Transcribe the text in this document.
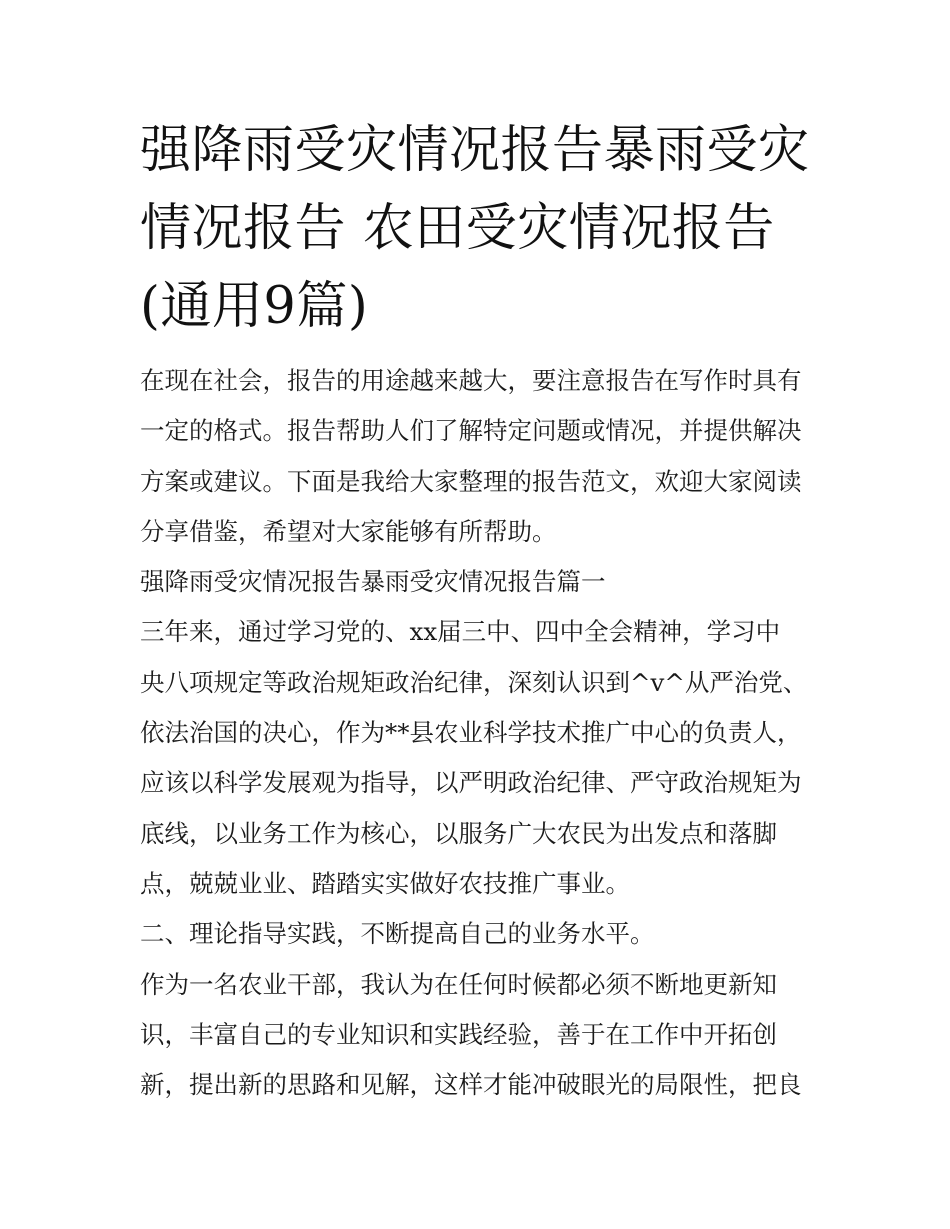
强降雨受灾情况报告暴雨受灾
情况报告 农田受灾情况报告
(通用9篇)
在现在社会，报告的用途越来越大，要注意报告在写作时具有
一定的格式。报告帮助人们了解特定问题或情况，并提供解决
方案或建议。下面是我给大家整理的报告范文，欢迎大家阅读
分享借鉴，希望对大家能够有所帮助。
强降雨受灾情况报告暴雨受灾情况报告篇一
三年来，通过学习党的、xx届三中、四中全会精神，学习中
央八项规定等政治规矩政治纪律，深刻认识到^v^从严治党、
依法治国的决心，作为**县农业科学技术推广中心的负责人，
应该以科学发展观为指导，以严明政治纪律、严守政治规矩为
底线，以业务工作为核心，以服务广大农民为出发点和落脚
点，兢兢业业、踏踏实实做好农技推广事业。
二、理论指导实践，不断提高自己的业务水平。
作为一名农业干部，我认为在任何时候都必须不断地更新知
识，丰富自己的专业知识和实践经验，善于在工作中开拓创
新，提出新的思路和见解，这样才能冲破眼光的局限性，把良
